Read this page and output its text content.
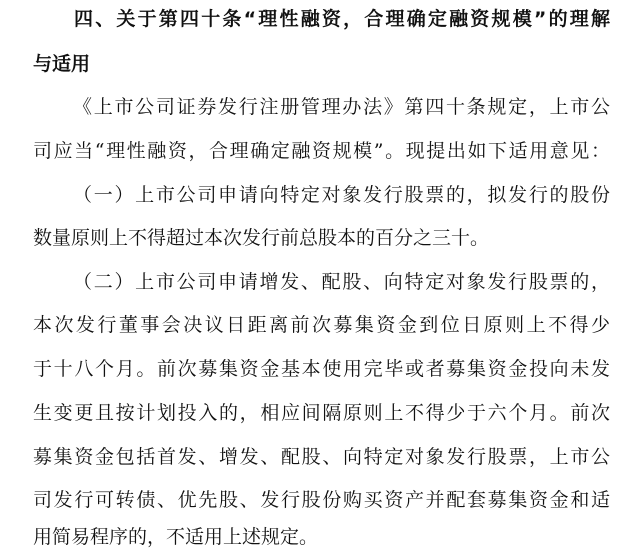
四、关于第四十条“理性融资，合理确定融资规模”的理解
与适用
《上市公司证券发行注册管理办法》第四十条规定，上市公
司应当“理性融资，合理确定融资规模”。现提出如下适用意见：
（一）上市公司申请向特定对象发行股票的，拟发行的股份
数量原则上不得超过本次发行前总股本的百分之三十。
（二）上市公司申请增发、配股、向特定对象发行股票的，
本次发行董事会决议日距离前次募集资金到位日原则上不得少
于十八个月。前次募集资金基本使用完毕或者募集资金投向未发
生变更且按计划投入的，相应间隔原则上不得少于六个月。前次
募集资金包括首发、增发、配股、向特定对象发行股票，上市公
司发行可转债、优先股、发行股份购买资产并配套募集资金和适
用简易程序的，不适用上述规定。
